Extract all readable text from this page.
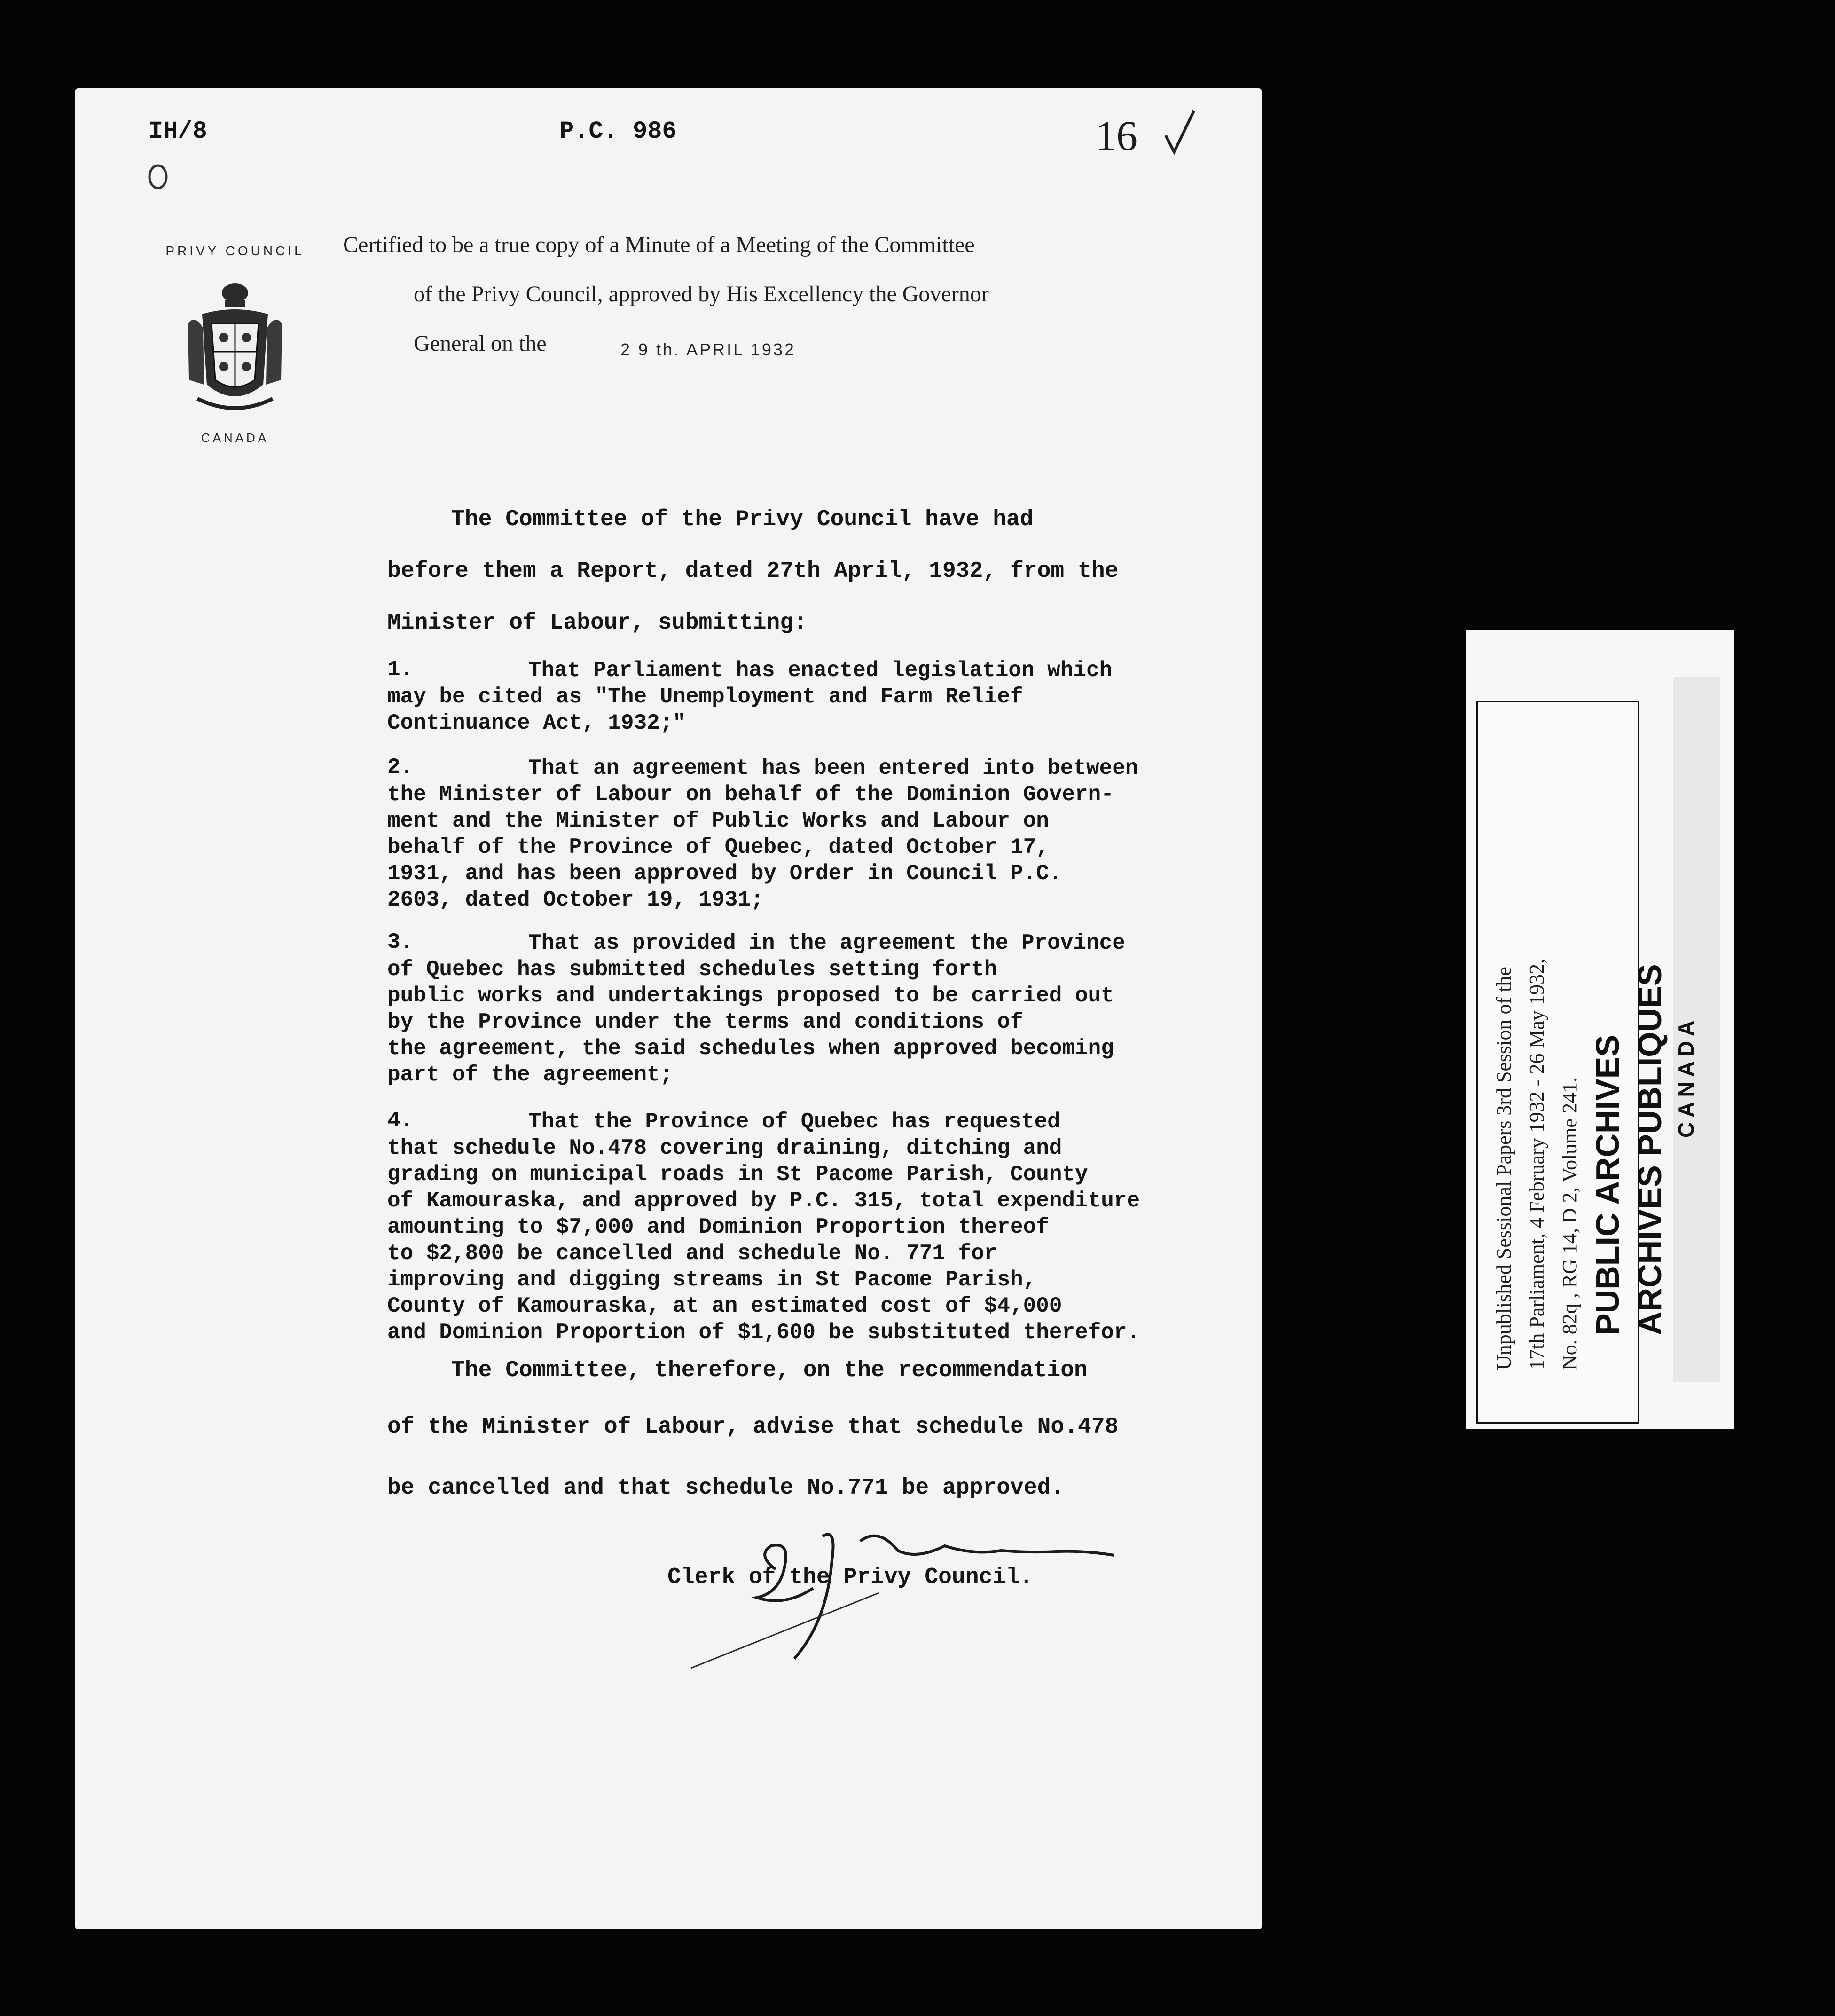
IH/8	P.C. 986	16
PRIVY COUNCIL
CANADA
Certified to be a true copy of a Minute of a Meeting of the Committee
of the Privy Council, approved by His Excellency the Governor
General on the	2 9 th. APRIL 1932
The Committee of the Privy Council have had
before them a Report, dated 27th April, 1932, from the
Minister of Labour, submitting:
1.	That Parliament has enacted legislation which
may be cited as "The Unemployment and Farm Relief
Continuance Act, 1932;"
2.	That an agreement has been entered into between
the Minister of Labour on behalf of the Dominion Govern-
ment and the Minister of Public Works and Labour on
behalf of the Province of Quebec, dated October 17,
1931, and has been approved by Order in Council P.C.
2603, dated October 19, 1931;
3.	That as provided in the agreement the Province
of Quebec has submitted schedules setting forth
public works and undertakings proposed to be carried out
by the Province under the terms and conditions of
the agreement, the said schedules when approved becoming
part of the agreement;
4.	That the Province of Quebec has requested
that schedule No.478 covering draining, ditching and
grading on municipal roads in St Pacome Parish, County
of Kamouraska, and approved by P.C. 315, total expenditure
amounting to $7,000 and Dominion Proportion thereof
to $2,800 be cancelled and schedule No. 771 for
improving and digging streams in St Pacome Parish,
County of Kamouraska, at an estimated cost of $4,000
and Dominion Proportion of $1,600 be substituted therefor.
The Committee, therefore, on the recommendation
of the Minister of Labour, advise that schedule No.478
be cancelled and that schedule No.771 be approved.
Clerk of the Privy Council.
Unpublished Sessional Papers 3rd Session of the 17th Parliament, 4 February 1932 - 26 May 1932, No. 82q , RG 14, D 2, Volume 241. PUBLIC ARCHIVES ARCHIVES PUBLIQUES CANADA
